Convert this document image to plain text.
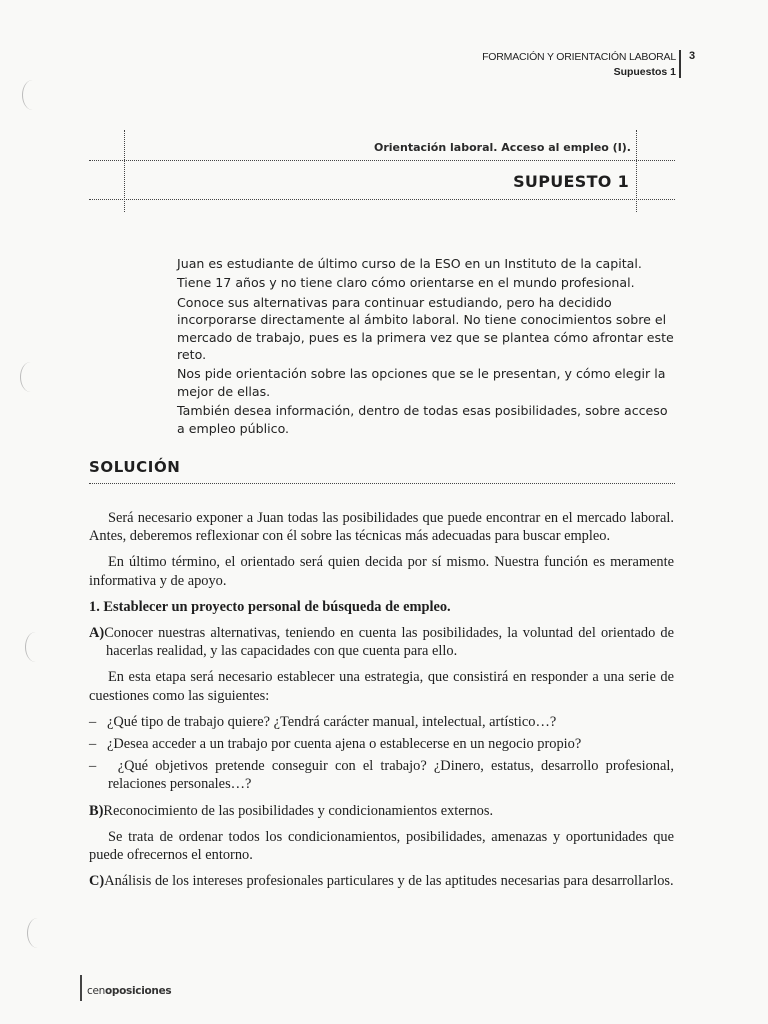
FORMACIÓN Y ORIENTACIÓN LABORAL
Supuestos 1
3
Orientación laboral. Acceso al empleo (I).
SUPUESTO 1

Juan es estudiante de último curso de la ESO en un Instituto de la capital.

Tiene 17 años y no tiene claro cómo orientarse en el mundo profesional.

Conoce sus alternativas para continuar estudiando, pero ha decidido incorporarse directamente al ámbito laboral. No tiene conocimientos sobre el mercado de trabajo, pues es la primera vez que se plantea cómo afrontar este reto.

Nos pide orientación sobre las opciones que se le presentan, y cómo elegir la mejor de ellas.

También desea información, dentro de todas esas posibilidades, sobre acceso a empleo público.

SOLUCIÓN

Será necesario exponer a Juan todas las posibilidades que puede encontrar en el mercado laboral. Antes, deberemos reflexionar con él sobre las técnicas más adecuadas para buscar empleo.

En último término, el orientado será quien decida por sí mismo. Nuestra función es meramente informativa y de apoyo.

1. Establecer un proyecto personal de búsqueda de empleo.

A)Conocer nuestras alternativas, teniendo en cuenta las posibilidades, la voluntad del orientado de hacerlas realidad, y las capacidades con que cuenta para ello.

En esta etapa será necesario establecer una estrategia, que consistirá en responder a una serie de cuestiones como las siguientes:

–   ¿Qué tipo de trabajo quiere? ¿Tendrá carácter manual, intelectual, artístico…?

–   ¿Desea acceder a un trabajo por cuenta ajena o establecerse en un negocio propio?

–   ¿Qué objetivos pretende conseguir con el trabajo? ¿Dinero, estatus, desarrollo profesional, relaciones personales…?

B)Reconocimiento de las posibilidades y condicionamientos externos.

Se trata de ordenar todos los condicionamientos, posibilidades, amenazas y oportunidades que puede ofrecernos el entorno.

C)Análisis de los intereses profesionales particulares y de las aptitudes necesarias para desarrollarlos.

cenoposiciones
